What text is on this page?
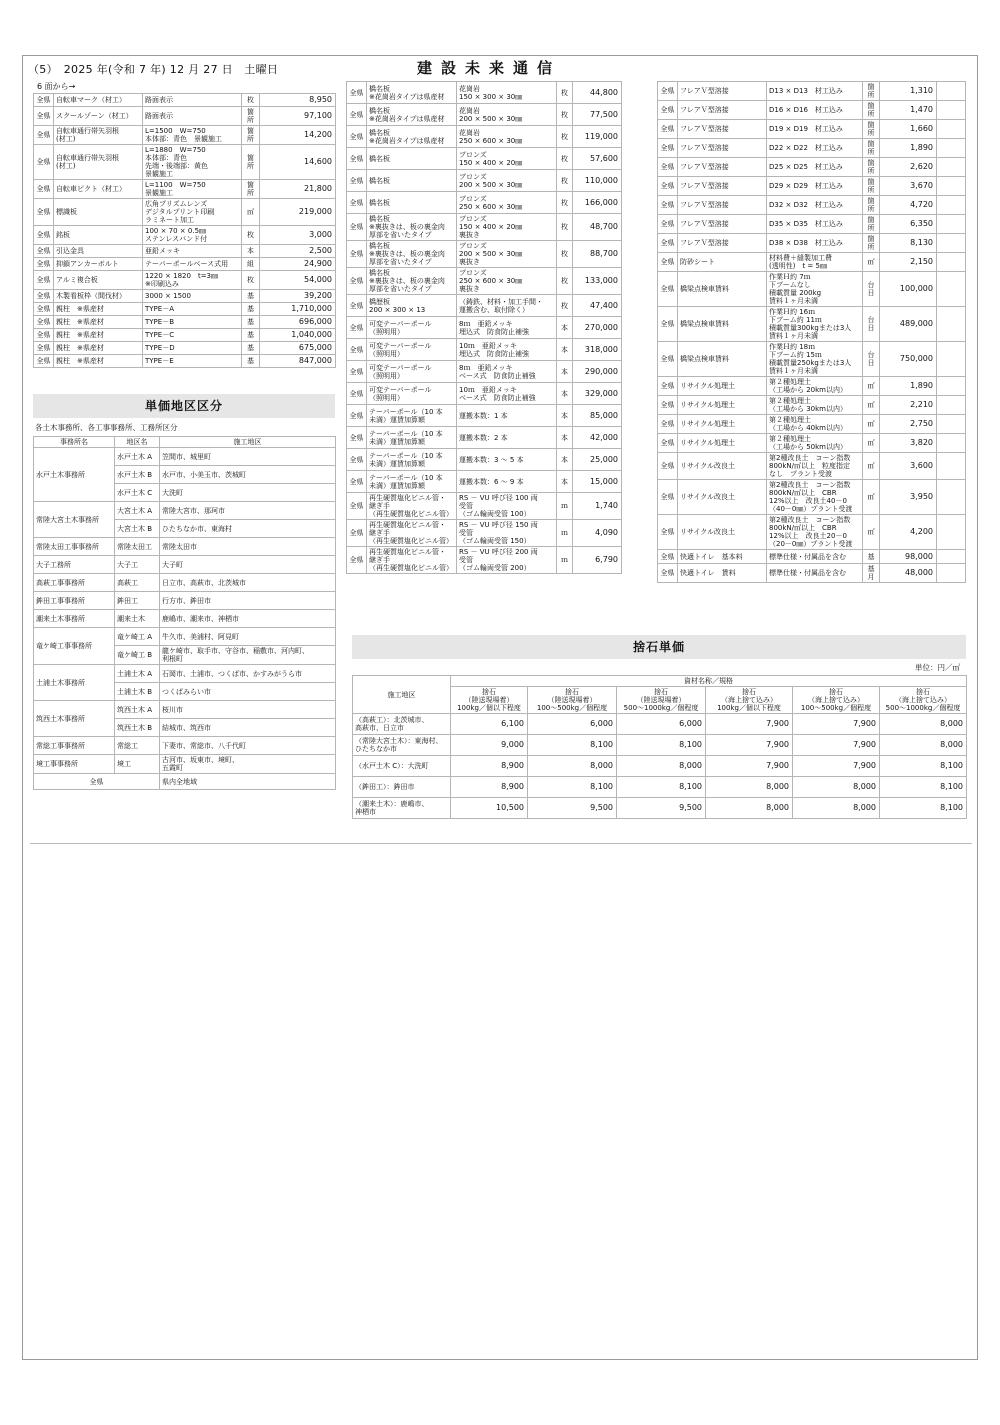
（5）　 2025 年(令和 7 年) 12 月 27 日　土曜日	建設未来通信
6 面から→
全県	自転車マーク（材工）	路面表示	枚	8,950
全県	スクールゾーン（材工）	路面表示	箇所	97,100
全県	自転車通行帯矢羽根
(材工)	L=1500　W=750
本体部：青色　景観施工	箇所	14,200
全県	自転車通行帯矢羽根
(材工)	L=1880　W=750
本体部：青色
先端・後端部：黄色
景観施工	箇所	14,600
全県	自転車ピクト（材工）	L=1100　W=750
景観施工	箇所	21,800
全県	標識板	広角プリズムレンズ
デジタルプリント印刷
ラミネート加工	㎡	219,000
全県	銘板	100 × 70 × 0.5㎜
ステンレスバンド付	枚	3,000
全県	引込金具	亜鉛メッキ	本	2,500
全県	抑鎖アンカーボルト	テーパーポールベース式用	組	24,900
全県	アルミ複合板	1220 × 1820　t=3㎜
※印刷込み	枚	54,000
全県	木製看板枠（間伐材）	3000 × 1500	基	39,200
全県	親柱　※県産材	TYPE－A	基	1,710,000
全県	親柱　※県産材	TYPE－B	基	696,000
全県	親柱　※県産材	TYPE－C	基	1,040,000
全県	親柱　※県産材	TYPE－D	基	675,000
全県	親柱　※県産材	TYPE－E	基	847,000
単価地区区分
各土木事務所、各工事事務所、工務所区分
事務所名	地区名	施工地区
水戸土木事務所	水戸土木 A	笠間市、城里町
	水戸土木 B	水戸市、小美玉市、茨城町
	水戸土木 C	大洗町
常陸大宮土木事務所	大宮土木 A	常陸大宮市、那珂市
	大宮土木 B	ひたちなか市、東海村
常陸太田工事事務所	常陸太田工	常陸太田市
大子工務所	大子工	大子町
高萩工事事務所	高萩工	日立市、高萩市、北茨城市
鉾田工事事務所	鉾田工	行方市、鉾田市
潮来土木事務所	潮来土木	鹿嶋市、潮来市、神栖市
竜ケ崎工事事務所	竜ケ崎工 A	牛久市、美浦村、阿見町
	竜ケ崎工 B	龍ケ崎市、取手市、守谷市、稲敷市、河内町、
利根町
土浦土木事務所	土浦土木 A	石岡市、土浦市、つくば市、かすみがうら市
	土浦土木 B	つくばみらい市
筑西土木事務所	筑西土木 A	桜川市
	筑西土木 B	結城市、筑西市
常総工事事務所	常総工	下妻市、常総市、八千代町
境工事事務所	境工	古河市、坂東市、境町、
五霞町
全県		県内全地域
全県	橋名板
※花崗岩タイプは県産材	花崗岩
150 × 300 × 30㎜	枚	44,800
全県	橋名板
※花崗岩タイプは県産材	花崗岩
200 × 500 × 30㎜	枚	77,500
全県	橋名板
※花崗岩タイプは県産材	花崗岩
250 × 600 × 30㎜	枚	119,000
全県	橋名板	ブロンズ
150 × 400 × 20㎜	枚	57,600
全県	橋名板	ブロンズ
200 × 500 × 30㎜	枚	110,000
全県	橋名板	ブロンズ
250 × 600 × 30㎜	枚	166,000
全県	橋名板
※裏抜きは、板の裏金肉
厚部を省いたタイプ	ブロンズ
150 × 400 × 20㎜
裏抜き	枚	48,700
全県	橋名板
※裏抜きは、板の裏金肉
厚部を省いたタイプ	ブロンズ
200 × 500 × 30㎜
裏抜き	枚	88,700
全県	橋名板
※裏抜きは、板の裏金肉
厚部を省いたタイプ	ブロンズ
250 × 600 × 30㎜
裏抜き	枚	133,000
全県	橋歴板
200 × 300 × 13	（鋳鉄、材料・加工手間・
運搬含む、取付除く）	枚	47,400
全県	可変テーパーポール
（照明用）	8ｍ　亜鉛メッキ
埋込式　防食防止補強	本	270,000
全県	可変テーパーポール
（照明用）	10ｍ　亜鉛メッキ
埋込式　防食防止補強	本	318,000
全県	可変テーパーポール
（照明用）	8ｍ　亜鉛メッキ
ベース式　防食防止補強	本	290,000
全県	可変テーパーポール
（照明用）	10ｍ　亜鉛メッキ
ベース式　防食防止補強	本	329,000
全県	テーパーポール（10 本
未満）運賃加算額	運搬本数：1 本	本	85,000
全県	テーパーポール（10 本
未満）運賃加算額	運搬本数：2 本	本	42,000
全県	テーパーポール（10 本
未満）運賃加算額	運搬本数：3 ～ 5 本	本	25,000
全県	テーパーポール（10 本
未満）運賃加算額	運搬本数：6 ～ 9 本	本	15,000
全県	再生硬質塩化ビニル管・
継ぎ手
（再生硬質塩化ビニル管）	RS － VU 呼び径 100 両
受管
（ゴム輪両受管 100）	ｍ	1,740
全県	再生硬質塩化ビニル管・
継ぎ手
（再生硬質塩化ビニル管）	RS － VU 呼び径 150 両
受管
（ゴム輪両受管 150）	ｍ	4,090
全県	再生硬質塩化ビニル管・
継ぎ手
（再生硬質塩化ビニル管）	RS － VU 呼び径 200 両
受管
（ゴム輪両受管 200）	ｍ	6,790
全県	フレアＶ型溶接	D13 × D13　材工込み	箇所	1,310	
全県	フレアＶ型溶接	D16 × D16　材工込み	箇所	1,470	
全県	フレアＶ型溶接	D19 × D19　材工込み	箇所	1,660	
全県	フレアＶ型溶接	D22 × D22　材工込み	箇所	1,890	
全県	フレアＶ型溶接	D25 × D25　材工込み	箇所	2,620	
全県	フレアＶ型溶接	D29 × D29　材工込み	箇所	3,670	
全県	フレアＶ型溶接	D32 × D32　材工込み	箇所	4,720	
全県	フレアＶ型溶接	D35 × D35　材工込み	箇所	6,350	
全県	フレアＶ型溶接	D38 × D38　材工込み	箇所	8,130	
全県	防砂シート	材料費＋縫製加工費
(透明性)　t = 5㎜	㎡	2,150	
全県	橋梁点検車賃料	作業Ｈ約 7ｍ
下ブームなし
積載質量 200kg
賃料１ヶ月未満	台
日	100,000	
全県	橋梁点検車賃料	作業Ｈ約 16ｍ
下ブーム約 11ｍ
積載質量300kgまたは3人
賃料１ヶ月未満	台
日	489,000	
全県	橋梁点検車賃料	作業Ｈ約 18ｍ
下ブーム約 15ｍ
積載質量250kgまたは3人
賃料１ヶ月未満	台
日	750,000	
全県	リサイクル処理土	第２種処理土
（工場から 20km以内）	㎡	1,890	
全県	リサイクル処理土	第２種処理土
（工場から 30km以内）	㎡	2,210	
全県	リサイクル処理土	第２種処理土
（工場から 40km以内）	㎡	2,750	
全県	リサイクル処理土	第２種処理土
（工場から 50km以内）	㎡	3,820	
全県	リサイクル改良土	第2種改良土　コーン指数
800kN/㎡以上　粒度指定
なし　プラント受渡	㎡	3,600	
全県	リサイクル改良土	第2種改良土　コーン指数
800kN/㎡以上　CBR
12%以上　改良土40－0
（40－0㎜）プラント受渡	㎡	3,950	
全県	リサイクル改良土	第2種改良土　コーン指数
800kN/㎡以上　CBR
12%以上　改良土20－0
（20－0㎜）プラント受渡	㎡	4,200	
全県	快適トイレ　基本料	標準仕様・付属品を含む	基	98,000	
全県	快適トイレ　賃料	標準仕様・付属品を含む	基
月	48,000	
捨石単価
単位：円／㎡
施工地区	資材名称／規格					
	捨石
（陸送現場着）
100kg／個以下程度	捨石
（陸送現場着）
100～500kg／個程度	捨石
（陸送現場着）
500～1000kg／個程度	捨石
（海上捨て込み）
100kg／個以下程度	捨石
（海上捨て込み）
100～500kg／個程度	捨石
（海上捨て込み）
500～1000kg／個程度
（高萩工）：北茨城市、
高萩市、日立市	6,100	6,000	6,000	7,900	7,900	8,000
（常陸大宮土木）：東海村、
ひたちなか市	9,000	8,100	8,100	7,900	7,900	8,000
（水戸土木 C）：大洗町	8,900	8,000	8,000	7,900	7,900	8,100
（鉾田工）：鉾田市	8,900	8,100	8,100	8,000	8,000	8,100
（潮来土木）：鹿嶋市、
神栖市	10,500	9,500	9,500	8,000	8,000	8,100
